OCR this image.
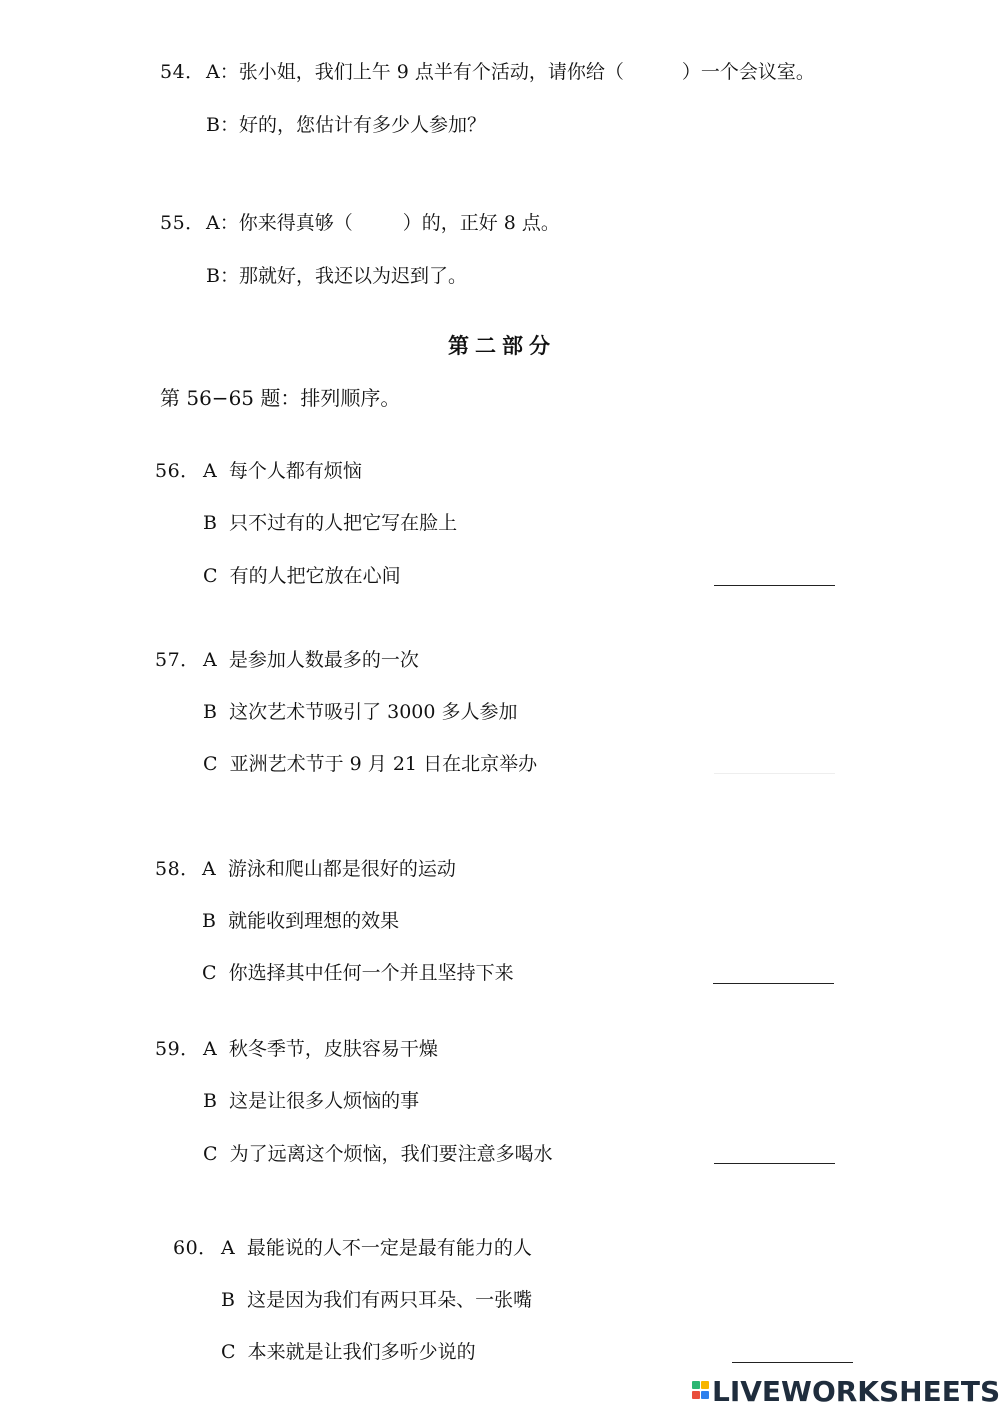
54． A：张小姐，我们上午 9 点半有个活动，请你给（	）一个会议室。
B：好的，您估计有多少人参加？
55． A：你来得真够（	）的，正好 8 点。
B：那就好，我还以为迟到了。
第二部分
第 56−65 题：排列顺序。
56． A 每个人都有烦恼
B 只不过有的人把它写在脸上
C 有的人把它放在心间
57． A 是参加人数最多的一次
B 这次艺术节吸引了 3000 多人参加
C 亚洲艺术节于 9 月 21 日在北京举办
58． A 游泳和爬山都是很好的运动
B 就能收到理想的效果
C 你选择其中任何一个并且坚持下来
59． A 秋冬季节，皮肤容易干燥
B 这是让很多人烦恼的事
C 为了远离这个烦恼，我们要注意多喝水
60． A 最能说的人不一定是最有能力的人
B 这是因为我们有两只耳朵、一张嘴
C 本来就是让我们多听少说的
LIVEWORKSHEETS
